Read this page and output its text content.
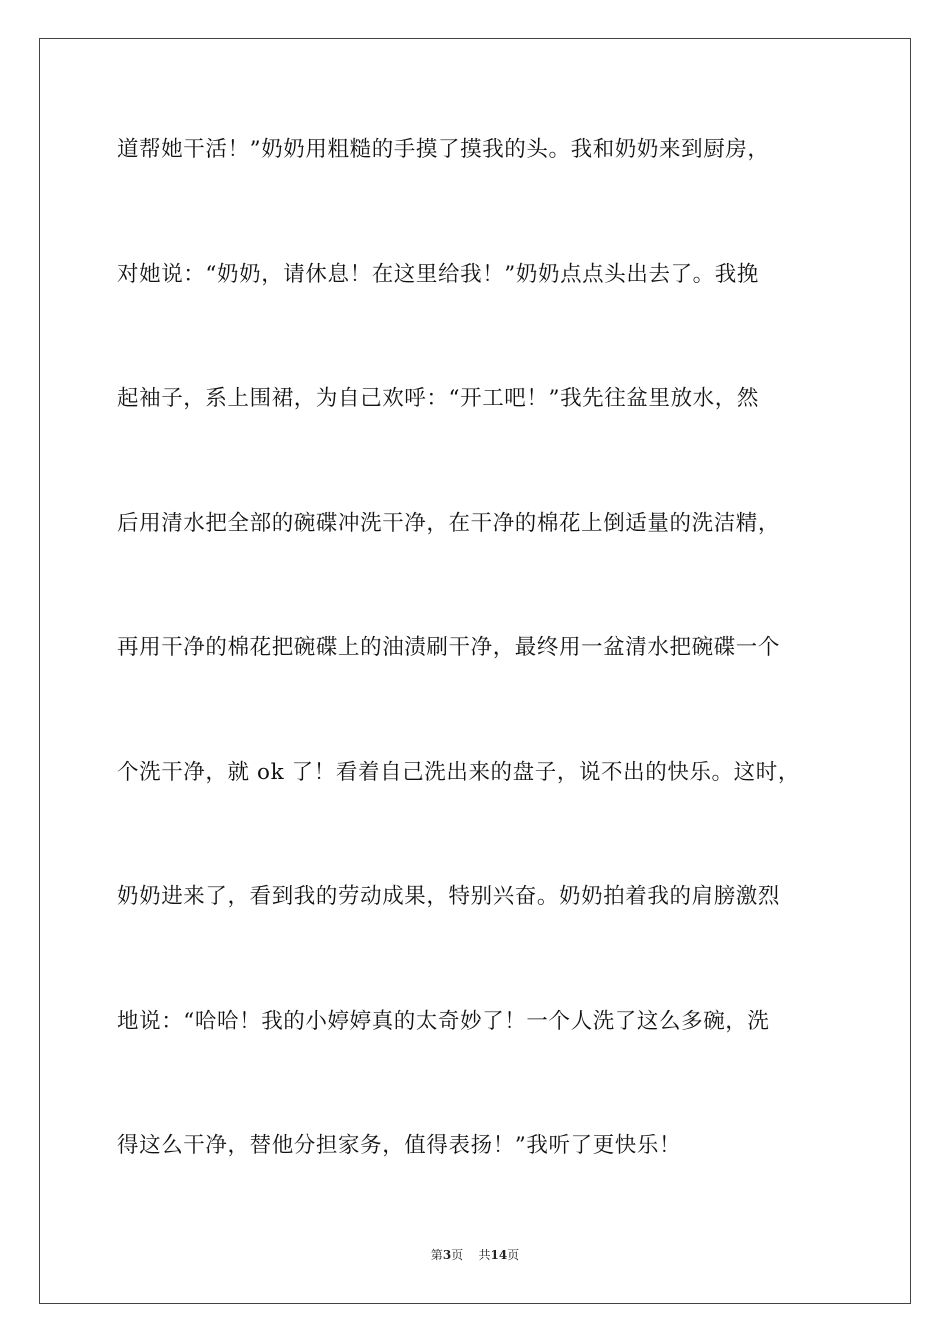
道帮她干活！”奶奶用粗糙的手摸了摸我的头。我和奶奶来到厨房，
对她说：“奶奶，请休息！在这里给我！”奶奶点点头出去了。我挽
起袖子，系上围裙，为自己欢呼：“开工吧！”我先往盆里放水，然
后用清水把全部的碗碟冲洗干净，在干净的棉花上倒适量的洗洁精，
再用干净的棉花把碗碟上的油渍刷干净，最终用一盆清水把碗碟一个
个洗干净，就 ok 了！看着自己洗出来的盘子，说不出的快乐。这时，
奶奶进来了，看到我的劳动成果，特别兴奋。奶奶拍着我的肩膀激烈
地说：“哈哈！我的小婷婷真的太奇妙了！一个人洗了这么多碗，洗
得这么干净，替他分担家务，值得表扬！”我听了更快乐！
第3页 共14页
